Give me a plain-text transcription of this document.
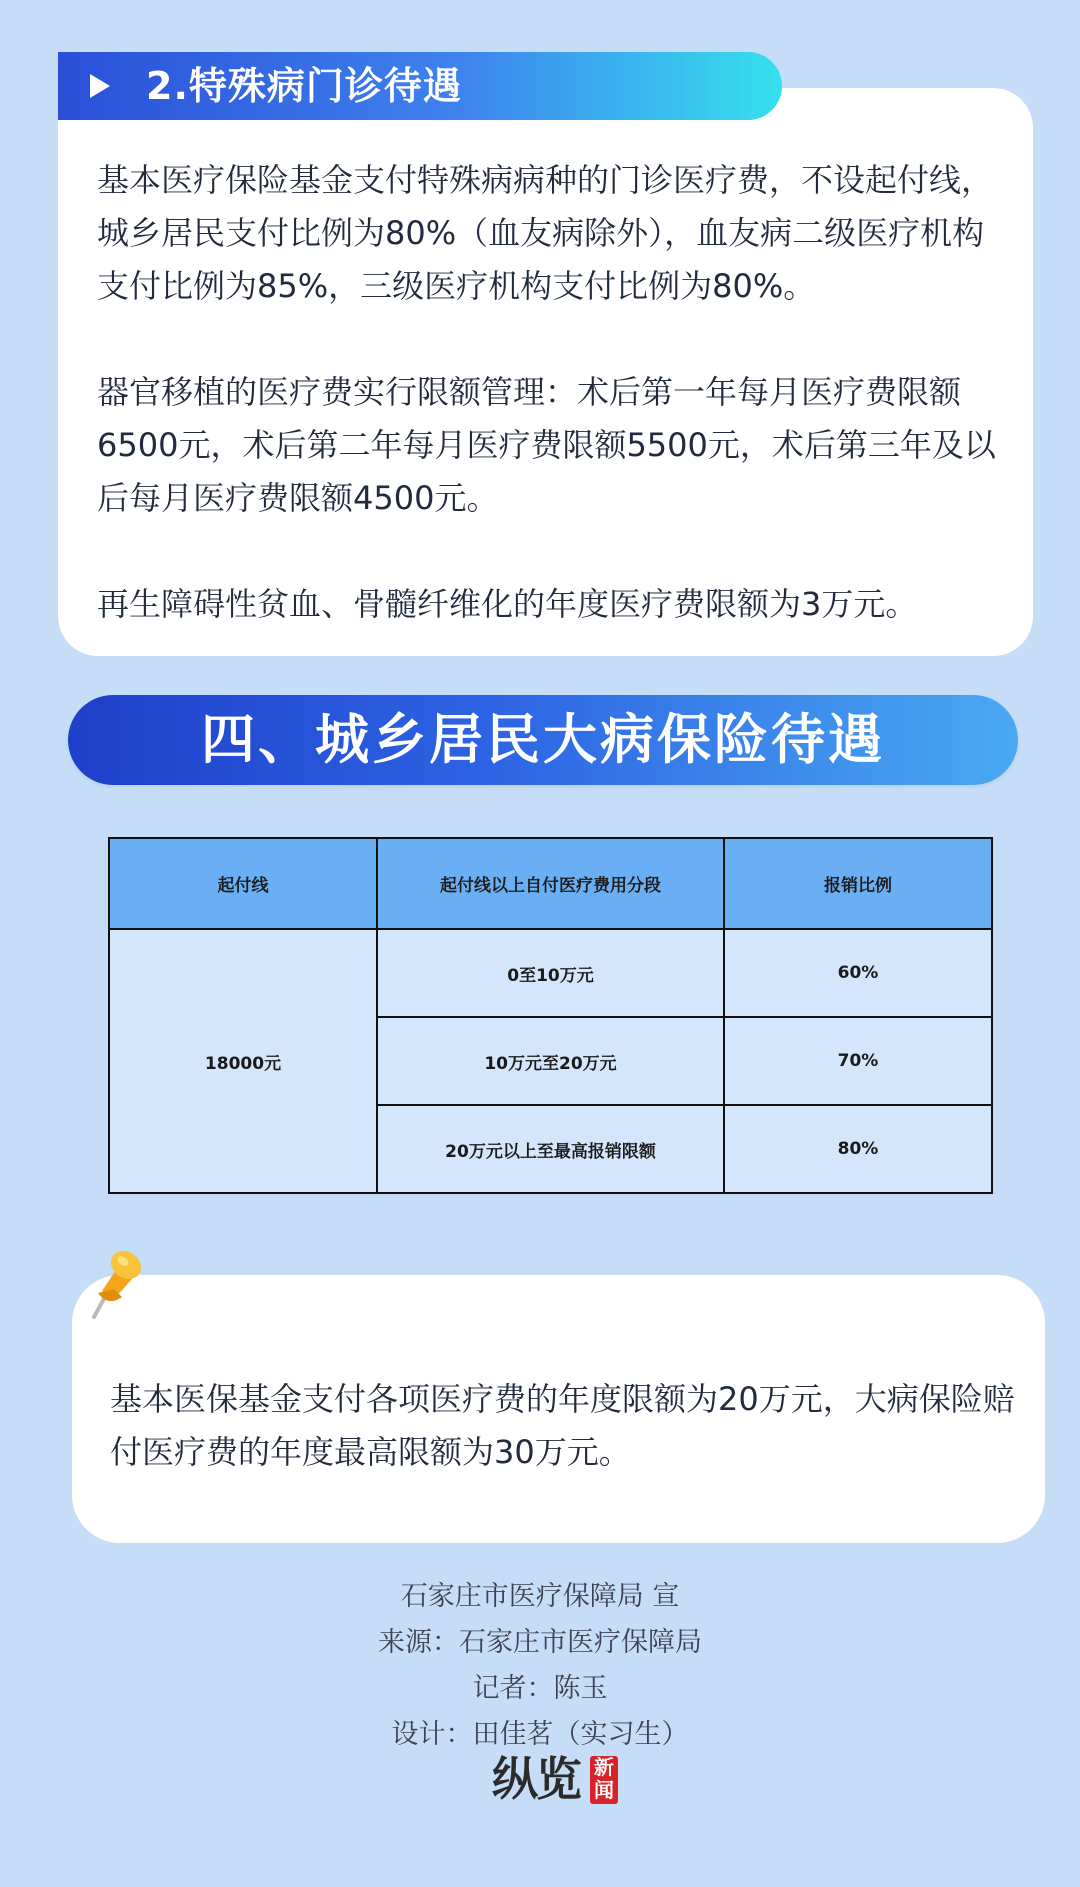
基本医疗保险基金支付特殊病病种的门诊医疗费，不设起付线，城乡居民支付比例为80%（血友病除外），血友病二级医疗机构支付比例为85%，三级医疗机构支付比例为80%。

器官移植的医疗费实行限额管理：术后第一年每月医疗费限额6500元，术后第二年每月医疗费限额5500元，术后第三年及以后每月医疗费限额4500元。

再生障碍性贫血、骨髓纤维化的年度医疗费限额为3万元。

2.特殊病门诊待遇
四、城乡居民大病保险待遇
起付线	起付线以上自付医疗费用分段	报销比例
18000元	0至10万元	60%
	10万元至20万元	70%
	20万元以上至最高报销限额	80%

基本医保基金支付各项医疗费的年度限额为20万元，大病保险赔付医疗费的年度最高限额为30万元。

石家庄市医疗保障局 宣
来源：石家庄市医疗保障局
记者：陈玉
设计：田佳茗（实习生）
纵览 新闻
